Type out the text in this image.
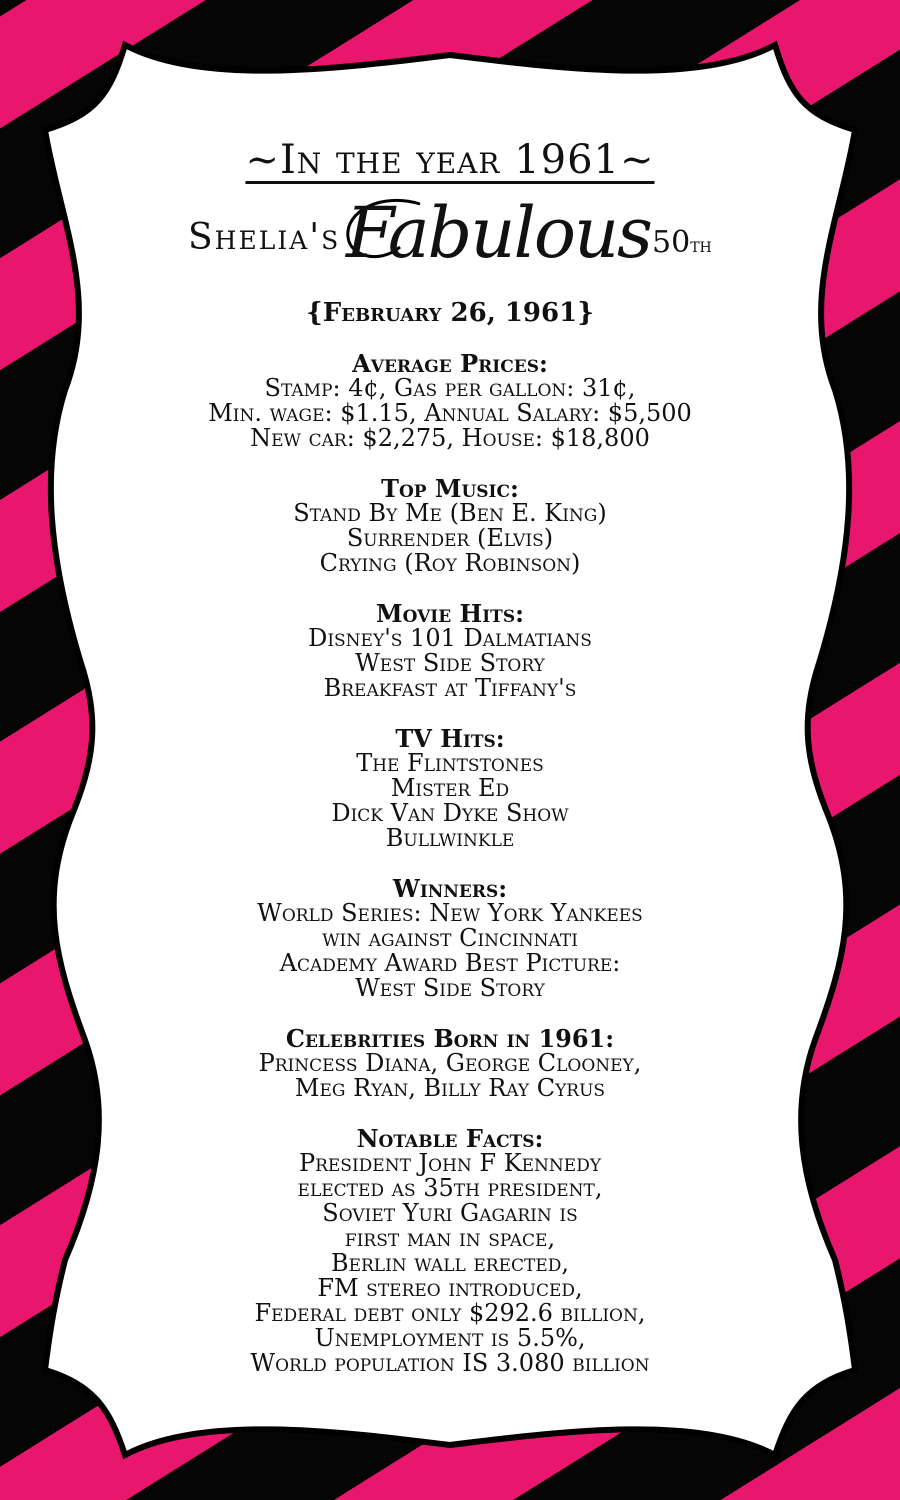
~In the year 1961~
Shelia's Fabulous 50th
{February 26, 1961}
Average Prices:
Stamp: 4¢, Gas per gallon: 31¢,
Min. wage: $1.15, Annual Salary: $5,500
New car: $2,275, House: $18,800
Top Music:
Stand By Me (Ben E. King)
Surrender (Elvis)
Crying (Roy Robinson)
Movie Hits:
Disney's 101 Dalmatians
West Side Story
Breakfast at Tiffany's
TV Hits:
The Flintstones
Mister Ed
Dick Van Dyke Show
Bullwinkle
Winners:
World Series: New York Yankees
win against Cincinnati
Academy Award Best Picture:
West Side Story
Celebrities Born in 1961:
Princess Diana, George Clooney,
Meg Ryan, Billy Ray Cyrus
Notable Facts:
President John F Kennedy
elected as 35th president,
Soviet Yuri Gagarin is
first man in space,
Berlin wall erected,
FM stereo introduced,
Federal debt only $292.6 billion,
Unemployment is 5.5%,
World population IS 3.080 billion
